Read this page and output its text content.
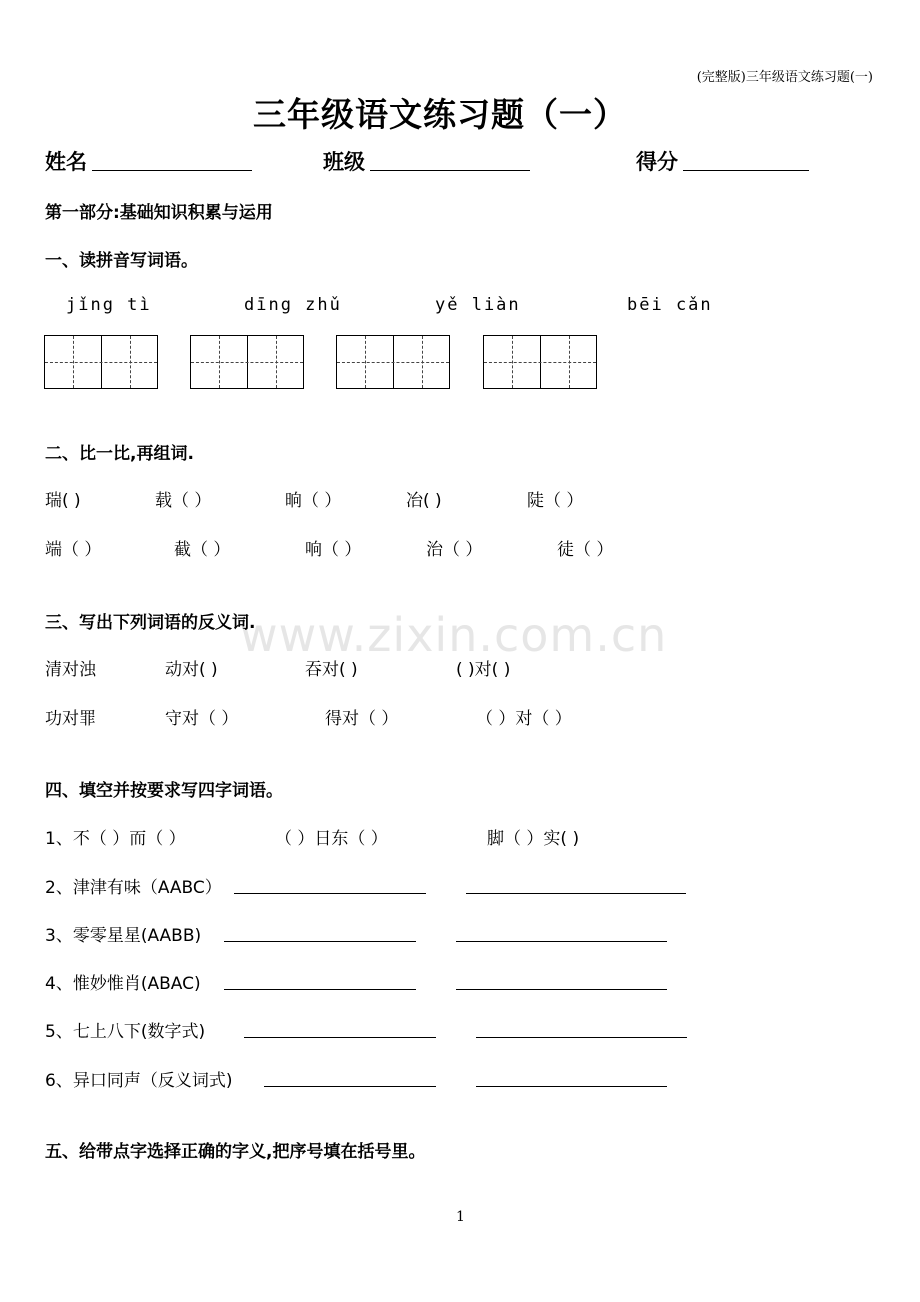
(完整版)三年级语文练习题(一)
www.zixin.com.cn
三年级语文练习题（一）
姓名	班级	得分
第一部分:基础知识积累与运用
一、读拼音写词语。
jǐng tì	dīng zhǔ	yě liàn	bēi cǎn
二、比一比,再组词.
瑞( )	载（ ）	晌（ ）	冶( )	陡（ ）
端（ ）	截（ ）	响（ ）	治（ ）	徒（ ）
三、写出下列词语的反义词.
清对浊	动对( )	吞对( )	( )对( )
功对罪	守对（ ）	得对（ ）	（ ）对（ ）
四、填空并按要求写四字词语。
1、不（ ）而（ ）	（ ）日东（ ）	脚（ ）实( )
2、津津有味（AABC）
3、零零星星(AABB)
4、惟妙惟肖(ABAC)
5、七上八下(数字式)
6、异口同声（反义词式)
五、给带点字选择正确的字义,把序号填在括号里。
1
